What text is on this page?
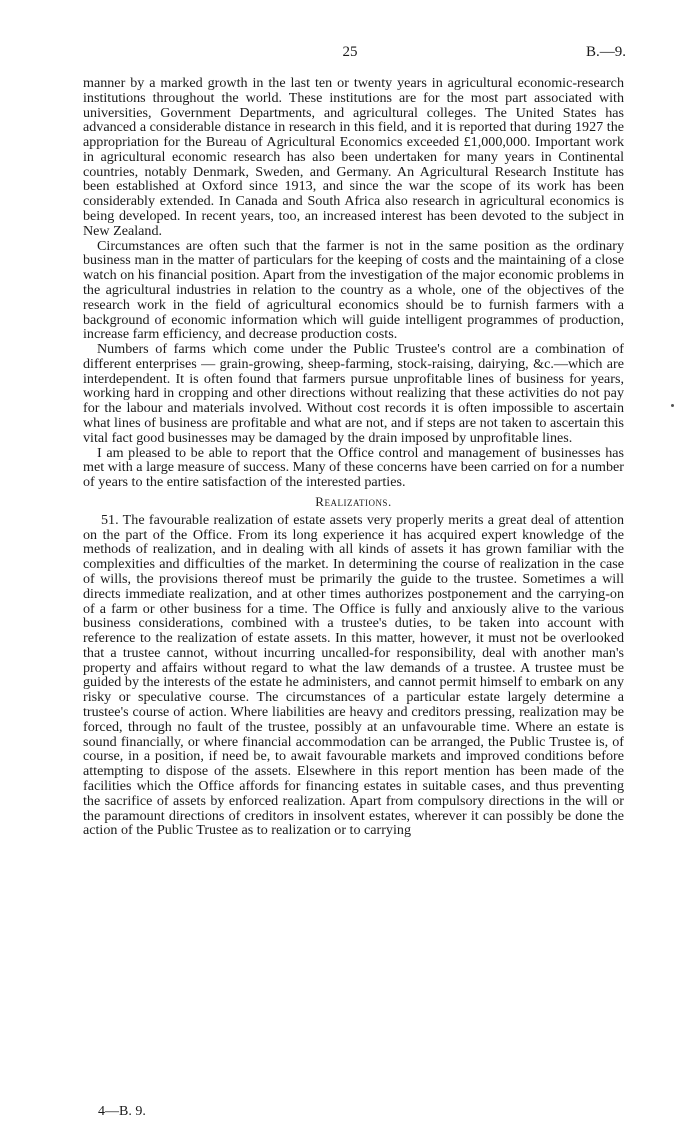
25	B.—9.

manner by a marked growth in the last ten or twenty years in agricultural economic-research institutions throughout the world. These institutions are for the most part associated with universities, Government Departments, and agricultural colleges. The United States has advanced a considerable distance in research in this field, and it is reported that during 1927 the appropriation for the Bureau of Agricultural Economics exceeded £1,000,000. Important work in agricultural economic research has also been undertaken for many years in Continental countries, notably Denmark, Sweden, and Germany. An Agricultural Research Institute has been established at Oxford since 1913, and since the war the scope of its work has been considerably extended. In Canada and South Africa also research in agricultural economics is being developed. In recent years, too, an increased interest has been devoted to the subject in New Zealand.

Circumstances are often such that the farmer is not in the same position as the ordinary business man in the matter of particulars for the keeping of costs and the maintaining of a close watch on his financial position. Apart from the investigation of the major economic problems in the agricultural industries in relation to the country as a whole, one of the objectives of the research work in the field of agricultural economics should be to furnish farmers with a background of economic information which will guide intelligent programmes of production, increase farm efficiency, and decrease production costs.

Numbers of farms which come under the Public Trustee's control are a combination of different enterprises — grain-growing, sheep-farming, stock-raising, dairying, &c.—which are interdependent. It is often found that farmers pursue unprofitable lines of business for years, working hard in cropping and other directions without realizing that these activities do not pay for the labour and materials involved. Without cost records it is often impossible to ascertain what lines of business are profitable and what are not, and if steps are not taken to ascertain this vital fact good businesses may be damaged by the drain imposed by unprofitable lines.

I am pleased to be able to report that the Office control and management of businesses has met with a large measure of success. Many of these concerns have been carried on for a number of years to the entire satisfaction of the interested parties.

Realizations.

51. The favourable realization of estate assets very properly merits a great deal of attention on the part of the Office. From its long experience it has acquired expert knowledge of the methods of realization, and in dealing with all kinds of assets it has grown familiar with the complexities and difficulties of the market. In determining the course of realization in the case of wills, the provisions thereof must be primarily the guide to the trustee. Sometimes a will directs immediate realization, and at other times authorizes postponement and the carrying-on of a farm or other business for a time. The Office is fully and anxiously alive to the various business considerations, combined with a trustee's duties, to be taken into account with reference to the realization of estate assets. In this matter, however, it must not be overlooked that a trustee cannot, without incurring uncalled-for responsibility, deal with another man's property and affairs without regard to what the law demands of a trustee. A trustee must be guided by the interests of the estate he administers, and cannot permit himself to embark on any risky or speculative course. The circumstances of a particular estate largely determine a trustee's course of action. Where liabilities are heavy and creditors pressing, realization may be forced, through no fault of the trustee, possibly at an unfavourable time. Where an estate is sound financially, or where financial accommodation can be arranged, the Public Trustee is, of course, in a position, if need be, to await favourable markets and improved conditions before attempting to dispose of the assets. Elsewhere in this report mention has been made of the facilities which the Office affords for financing estates in suitable cases, and thus preventing the sacrifice of assets by enforced realization. Apart from compulsory directions in the will or the paramount directions of creditors in insolvent estates, wherever it can possibly be done the action of the Public Trustee as to realization or to carrying

4—B. 9.
